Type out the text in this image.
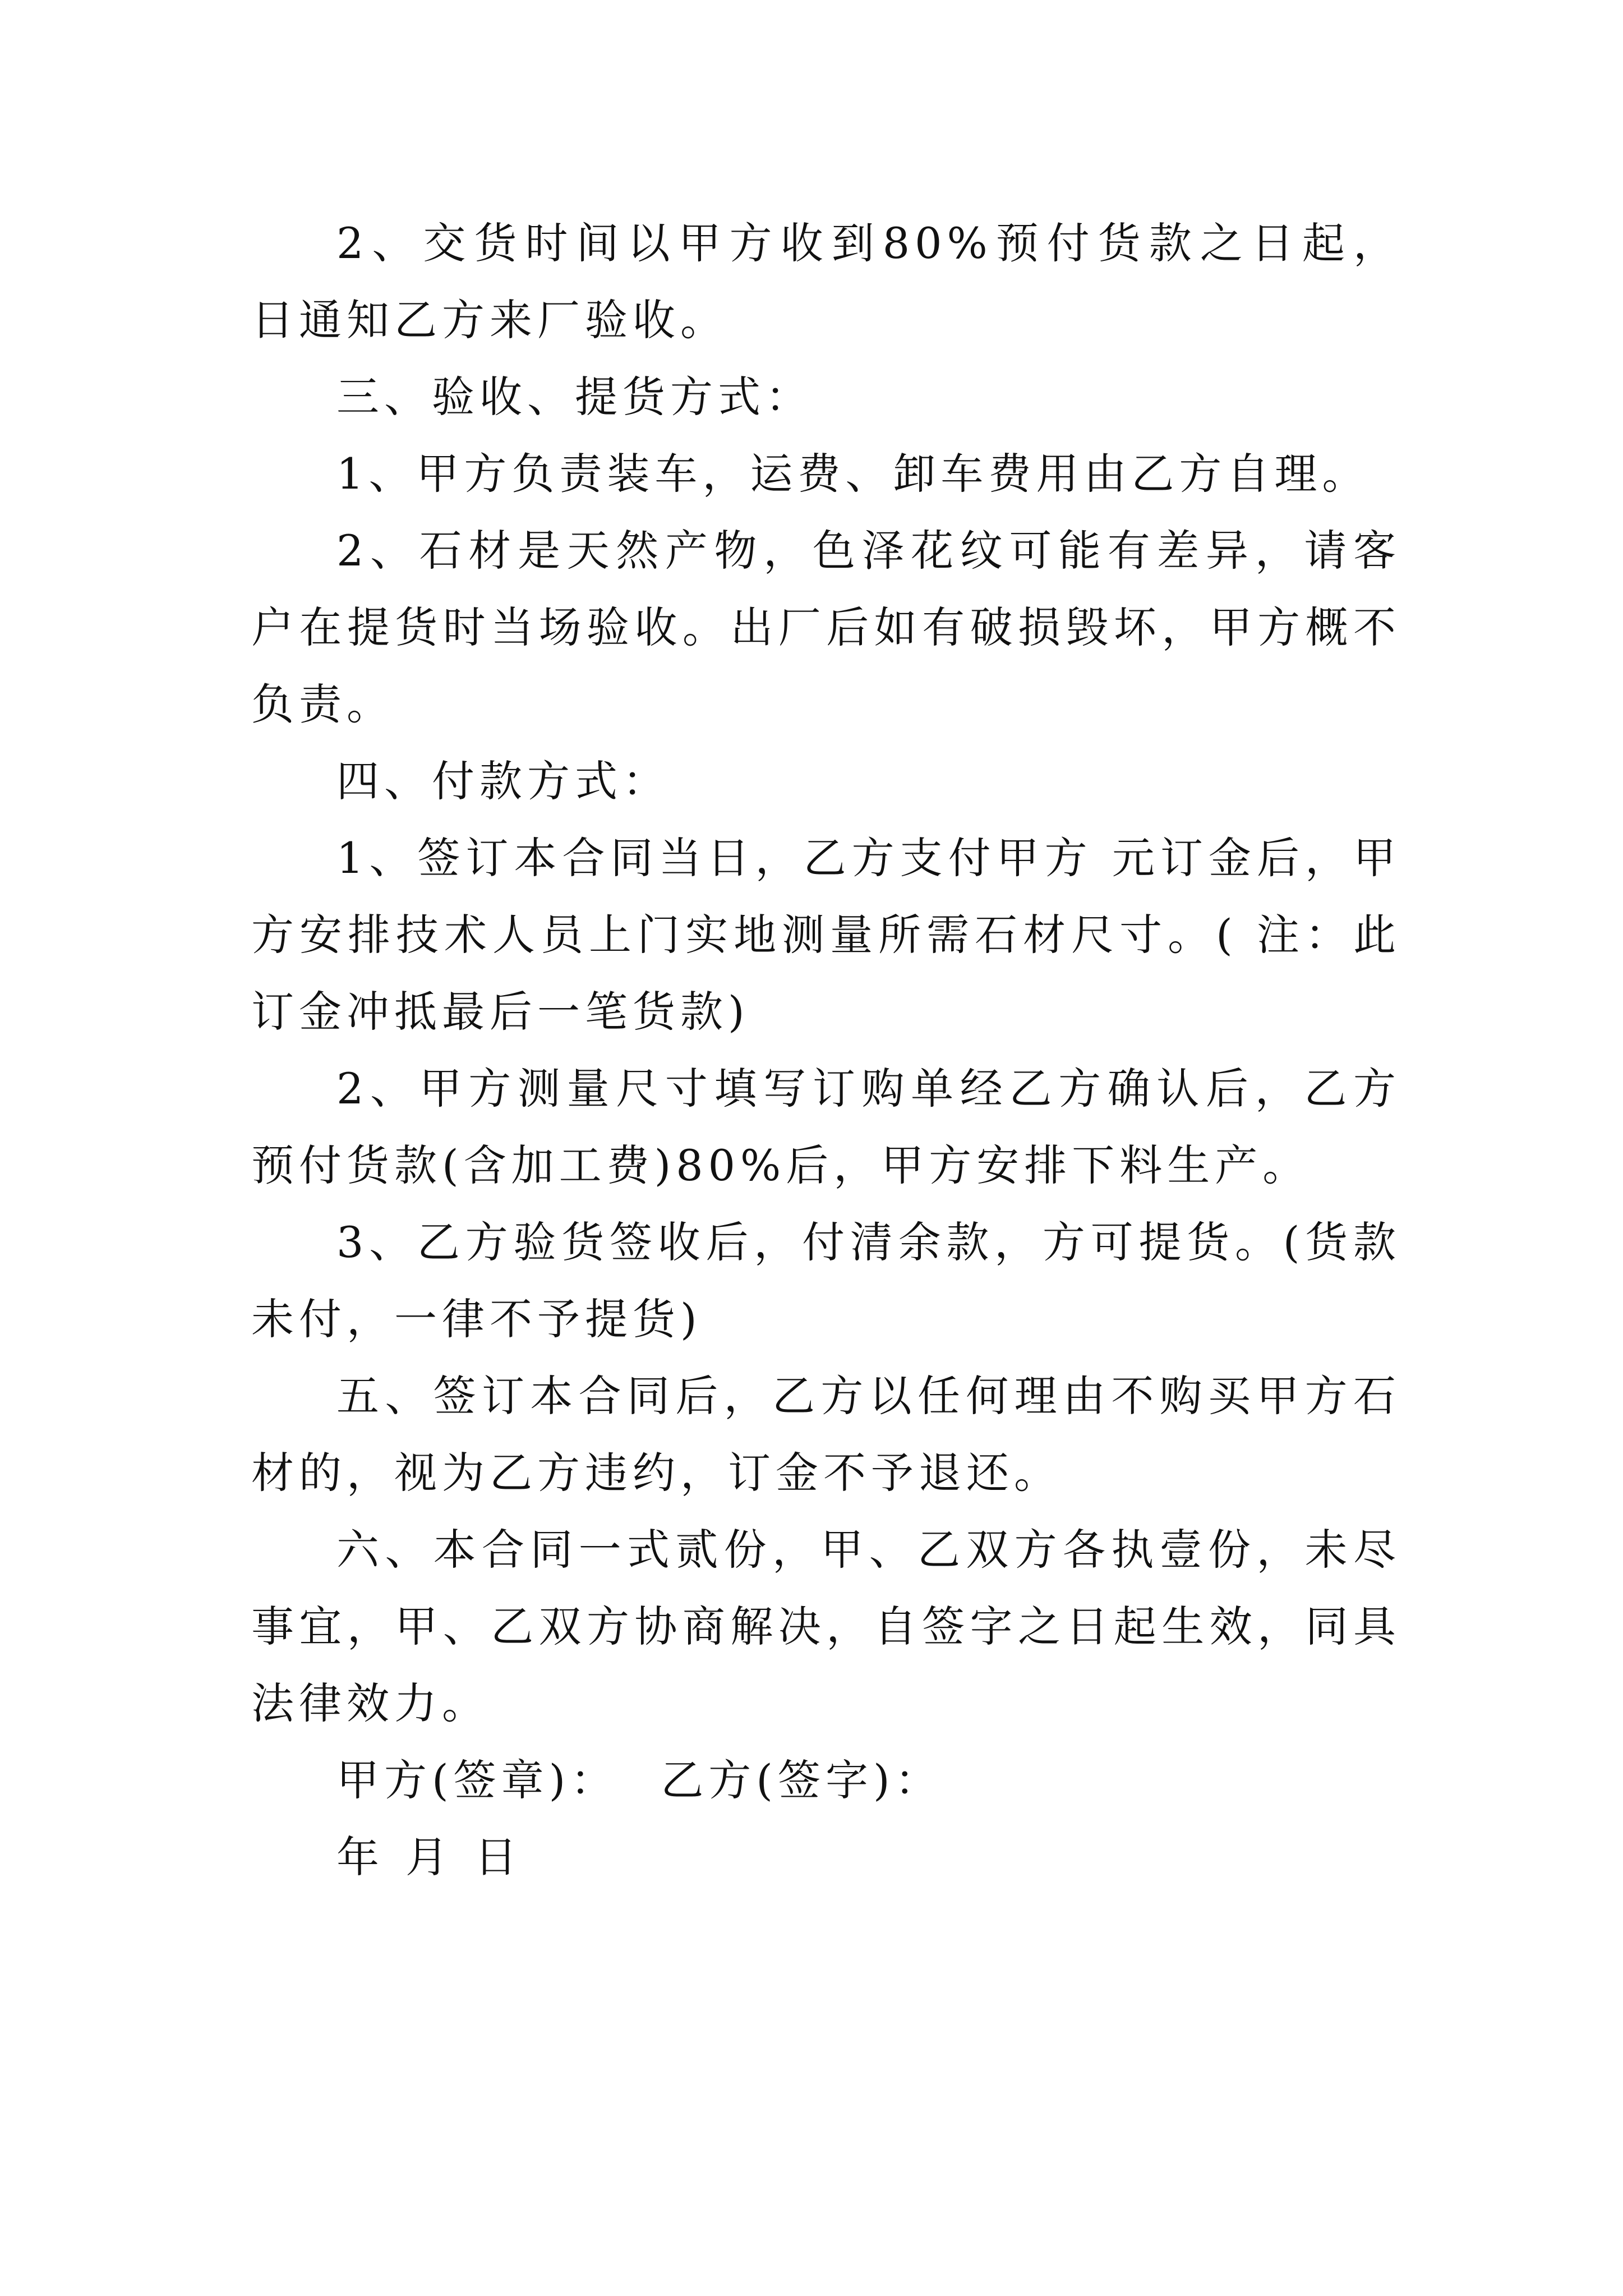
2、交货时间以甲方收到80%预付货款之日起， 日通知乙方来厂验收。

三、验收、提货方式：

1、甲方负责装车，运费、卸车费用由乙方自理。

2、石材是天然产物，色泽花纹可能有差异，请客户在提货时当场验收。出厂后如有破损毁坏，甲方概不负责。

四、付款方式：

1、签订本合同当日，乙方支付甲方 元订金后，甲方安排技术人员上门实地测量所需石材尺寸。( 注：此订金冲抵最后一笔货款)

2、甲方测量尺寸填写订购单经乙方确认后，乙方预付货款(含加工费)80%后，甲方安排下料生产。

3、乙方验货签收后，付清余款，方可提货。(货款未付，一律不予提货)

五、签订本合同后，乙方以任何理由不购买甲方石材的，视为乙方违约，订金不予退还。

六、本合同一式贰份，甲、乙双方各执壹份，未尽事宜，甲、乙双方协商解决，自签字之日起生效，同具法律效力。

甲方(签章)： 乙方(签字)：

年 月 日
